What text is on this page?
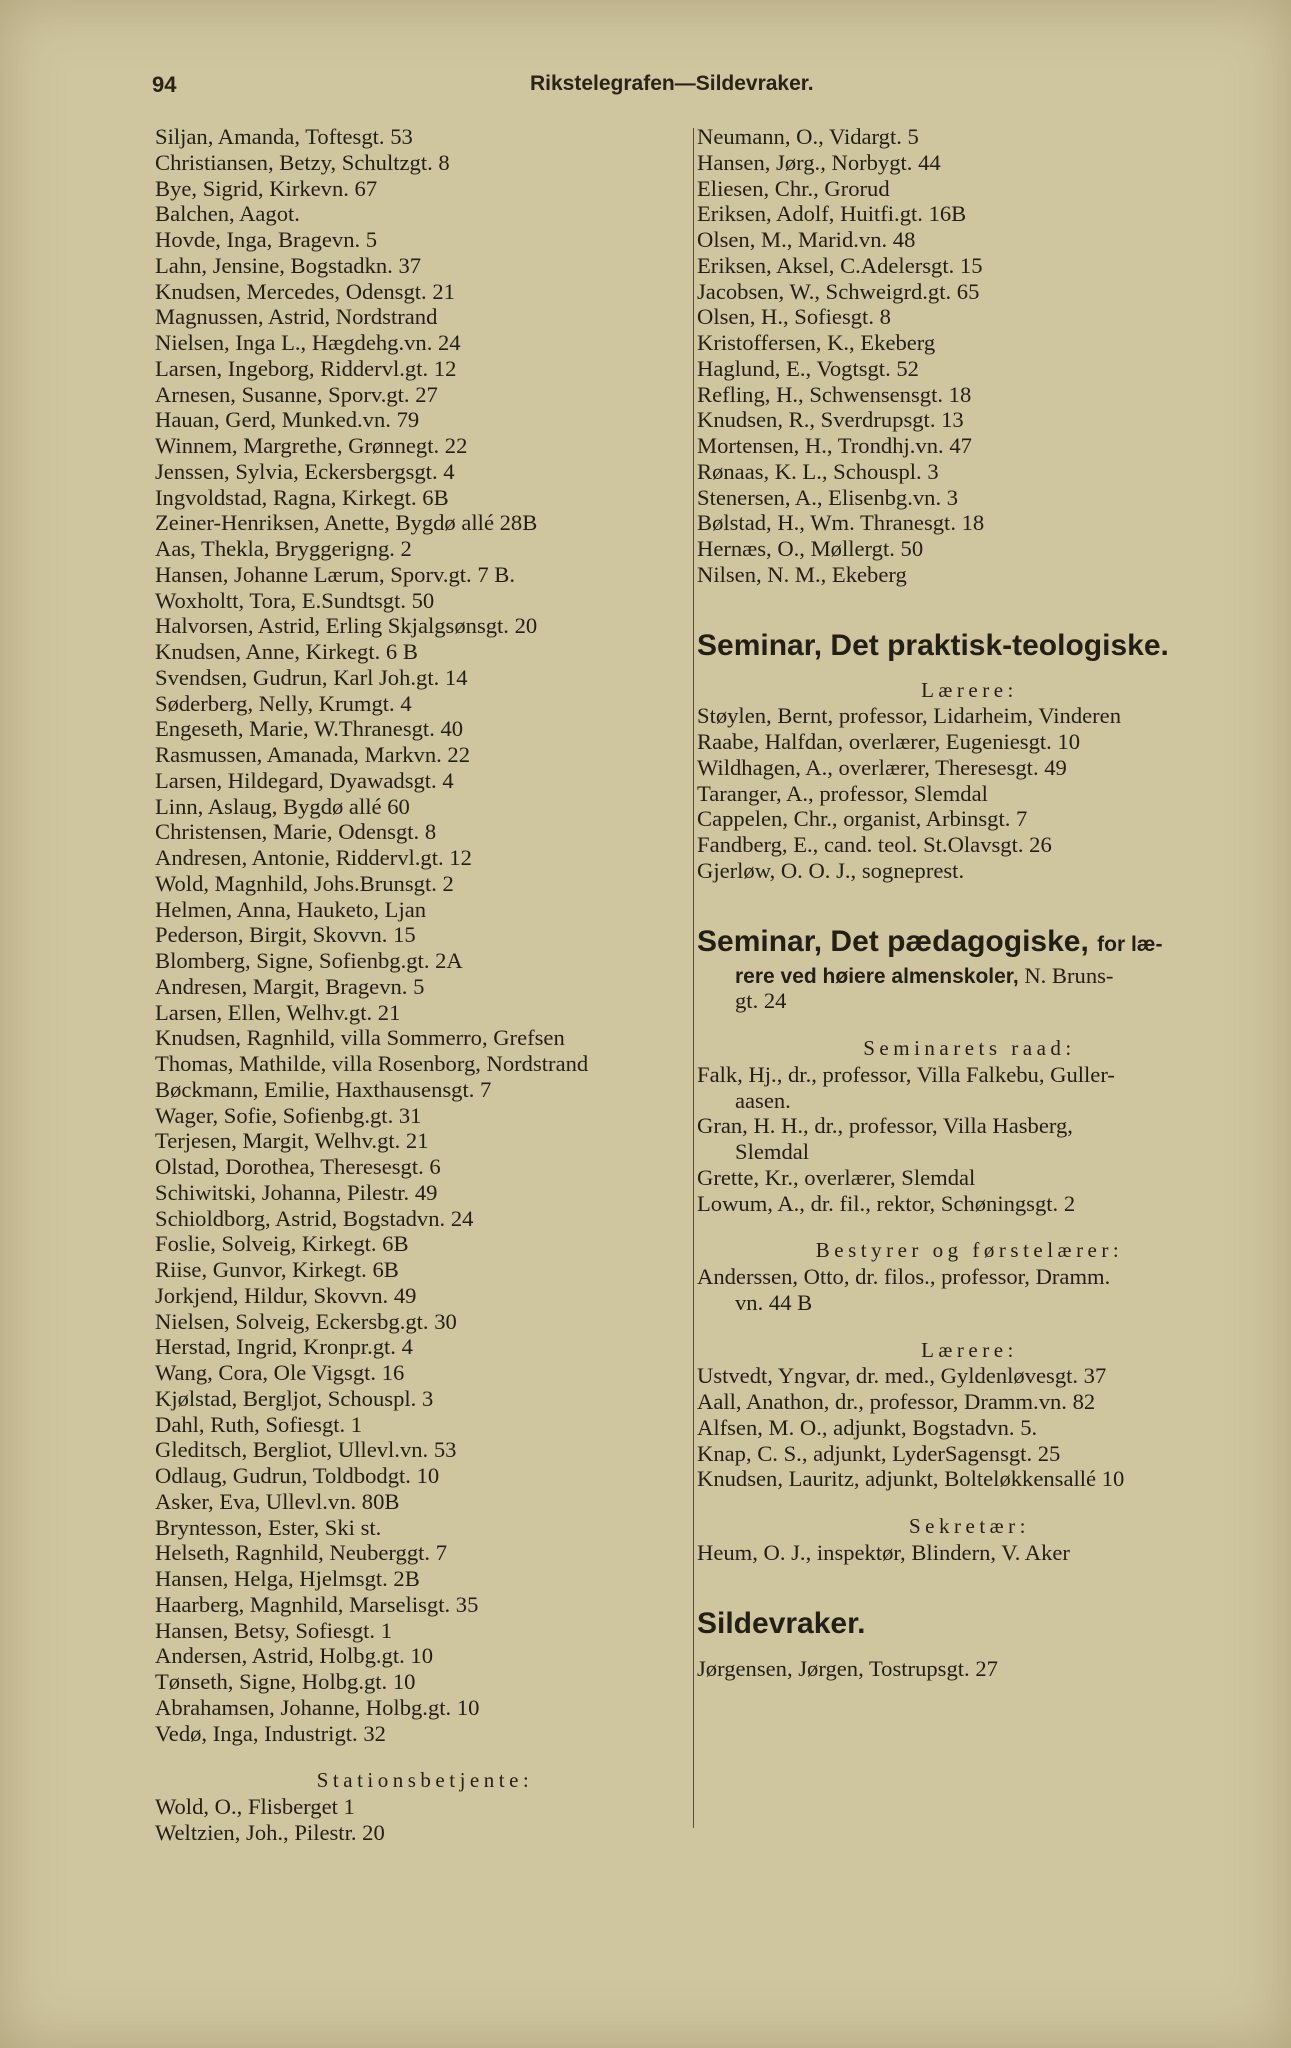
94	Rikstelegrafen—Sildevraker.
Siljan, Amanda, Toftesgt. 53
Christiansen, Betzy, Schultzgt. 8
Bye, Sigrid, Kirkevn. 67
Balchen, Aagot.
Hovde, Inga, Bragevn. 5
Lahn, Jensine, Bogstadkn. 37
Knudsen, Mercedes, Odensgt. 21
Magnussen, Astrid, Nordstrand
Nielsen, Inga L., Hægdehg.vn. 24
Larsen, Ingeborg, Riddervl.gt. 12
Arnesen, Susanne, Sporv.gt. 27
Hauan, Gerd, Munked.vn. 79
Winnem, Margrethe, Grønnegt. 22
Jenssen, Sylvia, Eckersbergsgt. 4
Ingvoldstad, Ragna, Kirkegt. 6B
Zeiner-Henriksen, Anette, Bygdø allé 28B
Aas, Thekla, Bryggerigng. 2
Hansen, Johanne Lærum, Sporv.gt. 7 B.
Woxholtt, Tora, E.Sundtsgt. 50
Halvorsen, Astrid, Erling Skjalgsønsgt. 20
Knudsen, Anne, Kirkegt. 6 B
Svendsen, Gudrun, Karl Joh.gt. 14
Søderberg, Nelly, Krumgt. 4
Engeseth, Marie, W.Thranesgt. 40
Rasmussen, Amanada, Markvn. 22
Larsen, Hildegard, Dyawadsgt. 4
Linn, Aslaug, Bygdø allé 60
Christensen, Marie, Odensgt. 8
Andresen, Antonie, Riddervl.gt. 12
Wold, Magnhild, Johs.Brunsgt. 2
Helmen, Anna, Hauketo, Ljan
Pederson, Birgit, Skovvn. 15
Blomberg, Signe, Sofienbg.gt. 2A
Andresen, Margit, Bragevn. 5
Larsen, Ellen, Welhv.gt. 21
Knudsen, Ragnhild, villa Sommerro, Grefsen
Thomas, Mathilde, villa Rosenborg, Nordstrand
Bøckmann, Emilie, Haxthausensgt. 7
Wager, Sofie, Sofienbg.gt. 31
Terjesen, Margit, Welhv.gt. 21
Olstad, Dorothea, Theresesgt. 6
Schiwitski, Johanna, Pilestr. 49
Schioldborg, Astrid, Bogstadvn. 24
Foslie, Solveig, Kirkegt. 6B
Riise, Gunvor, Kirkegt. 6B
Jorkjend, Hildur, Skovvn. 49
Nielsen, Solveig, Eckersbg.gt. 30
Herstad, Ingrid, Kronpr.gt. 4
Wang, Cora, Ole Vigsgt. 16
Kjølstad, Bergljot, Schouspl. 3
Dahl, Ruth, Sofiesgt. 1
Gleditsch, Bergliot, Ullevl.vn. 53
Odlaug, Gudrun, Toldbodgt. 10
Asker, Eva, Ullevl.vn. 80B
Bryntesson, Ester, Ski st.
Helseth, Ragnhild, Neuberggt. 7
Hansen, Helga, Hjelmsgt. 2B
Haarberg, Magnhild, Marselisgt. 35
Hansen, Betsy, Sofiesgt. 1
Andersen, Astrid, Holbg.gt. 10
Tønseth, Signe, Holbg.gt. 10
Abrahamsen, Johanne, Holbg.gt. 10
Vedø, Inga, Industrigt. 32
Stationsbetjente:
Wold, O., Flisberget 1
Weltzien, Joh., Pilestr. 20
Neumann, O., Vidargt. 5
Hansen, Jørg., Norbygt. 44
Eliesen, Chr., Grorud
Eriksen, Adolf, Huitfi.gt. 16B
Olsen, M., Marid.vn. 48
Eriksen, Aksel, C.Adelersgt. 15
Jacobsen, W., Schweigrd.gt. 65
Olsen, H., Sofiesgt. 8
Kristoffersen, K., Ekeberg
Haglund, E., Vogtsgt. 52
Refling, H., Schwensensgt. 18
Knudsen, R., Sverdrupsgt. 13
Mortensen, H., Trondhj.vn. 47
Rønaas, K. L., Schouspl. 3
Stenersen, A., Elisenbg.vn. 3
Bølstad, H., Wm. Thranesgt. 18
Hernæs, O., Møllergt. 50
Nilsen, N. M., Ekeberg
Seminar, Det praktisk-teologiske.
Lærere:
Støylen, Bernt, professor, Lidarheim, Vinderen
Raabe, Halfdan, overlærer, Eugeniesgt. 10
Wildhagen, A., overlærer, Theresesgt. 49
Taranger, A., professor, Slemdal
Cappelen, Chr., organist, Arbinsgt. 7
Fandberg, E., cand. teol. St.Olavsgt. 26
Gjerløw, O. O. J., sogneprest.
Seminar, Det pædagogiske, for læ-
rere ved høiere almenskoler, N. Bruns-
gt. 24
Seminarets raad:
Falk, Hj., dr., professor, Villa Falkebu, Guller-
aasen.
Gran, H. H., dr., professor, Villa Hasberg,
Slemdal
Grette, Kr., overlærer, Slemdal
Lowum, A., dr. fil., rektor, Schøningsgt. 2
Bestyrer og førstelærer:
Anderssen, Otto, dr. filos., professor, Dramm.
vn. 44 B
Lærere:
Ustvedt, Yngvar, dr. med., Gyldenløvesgt. 37
Aall, Anathon, dr., professor, Dramm.vn. 82
Alfsen, M. O., adjunkt, Bogstadvn. 5.
Knap, C. S., adjunkt, LyderSagensgt. 25
Knudsen, Lauritz, adjunkt, Bolteløkkensallé 10
Sekretær:
Heum, O. J., inspektør, Blindern, V. Aker
Sildevraker.
Jørgensen, Jørgen, Tostrupsgt. 27
